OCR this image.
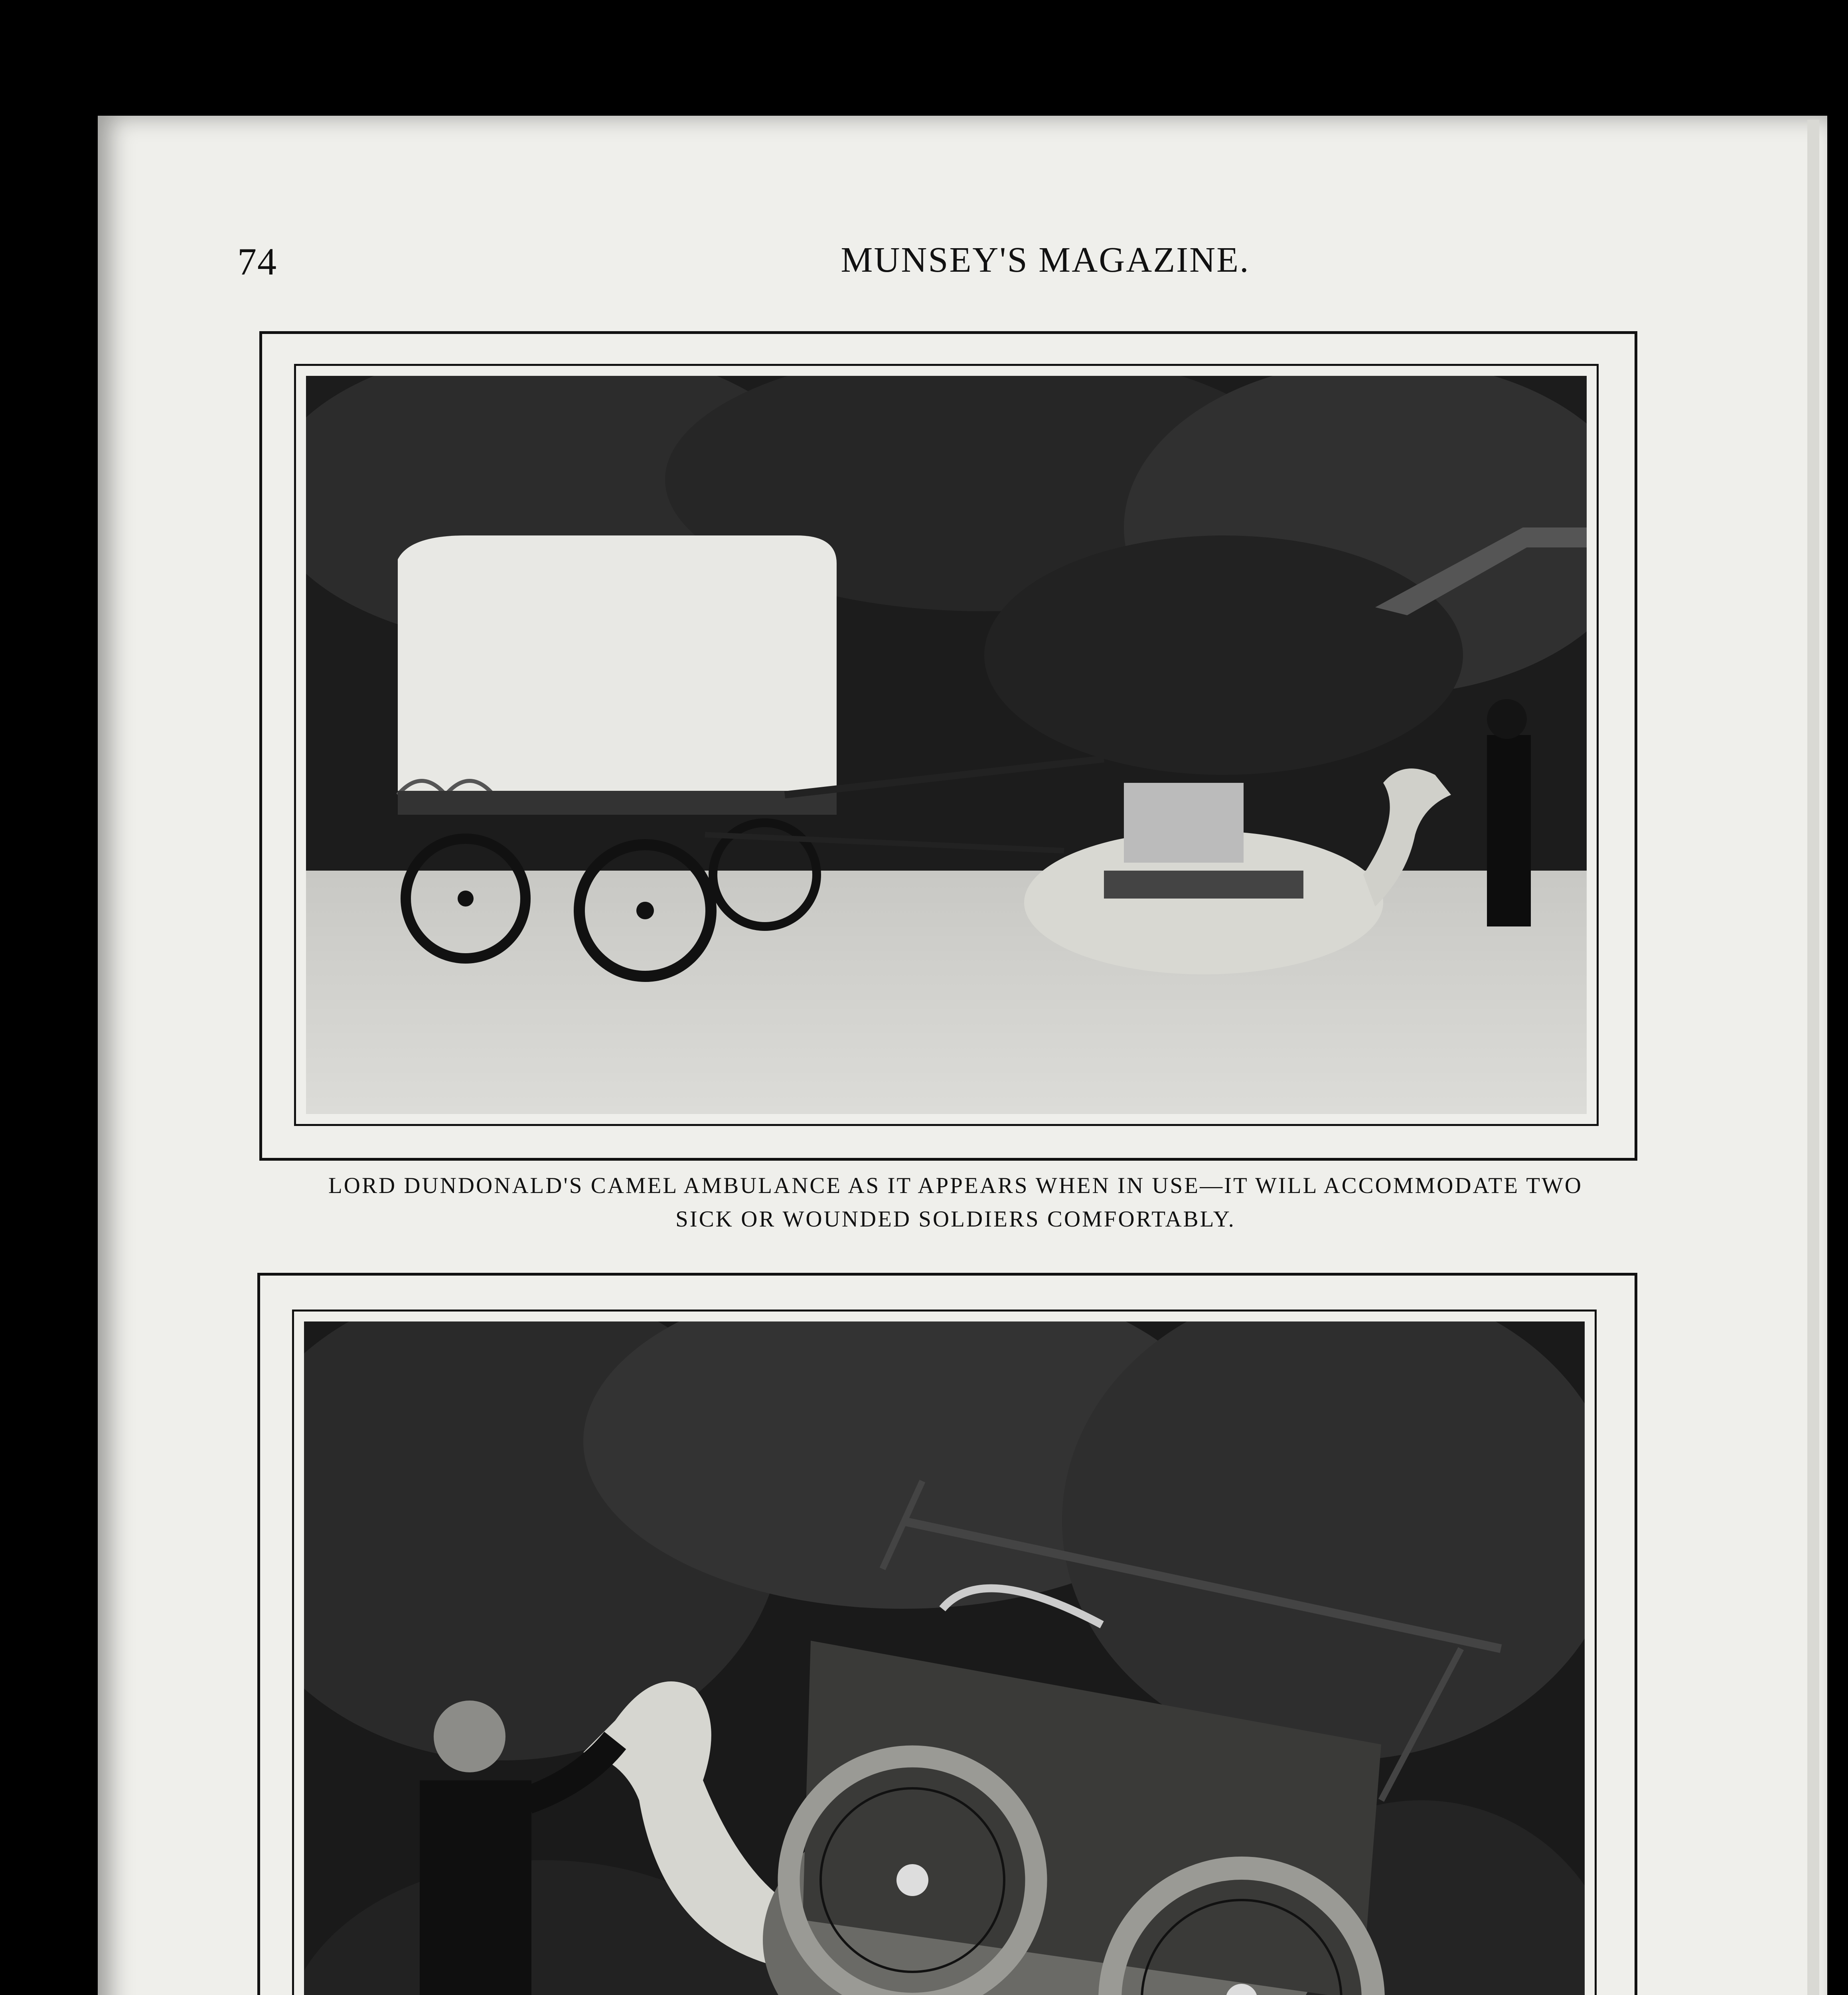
74	MUNSEY'S MAGAZINE.
LORD DUNDONALD'S CAMEL AMBULANCE AS IT APPEARS WHEN IN USE—IT WILL ACCOMMODATE TWO
SICK OR WOUNDED SOLDIERS COMFORTABLY.
